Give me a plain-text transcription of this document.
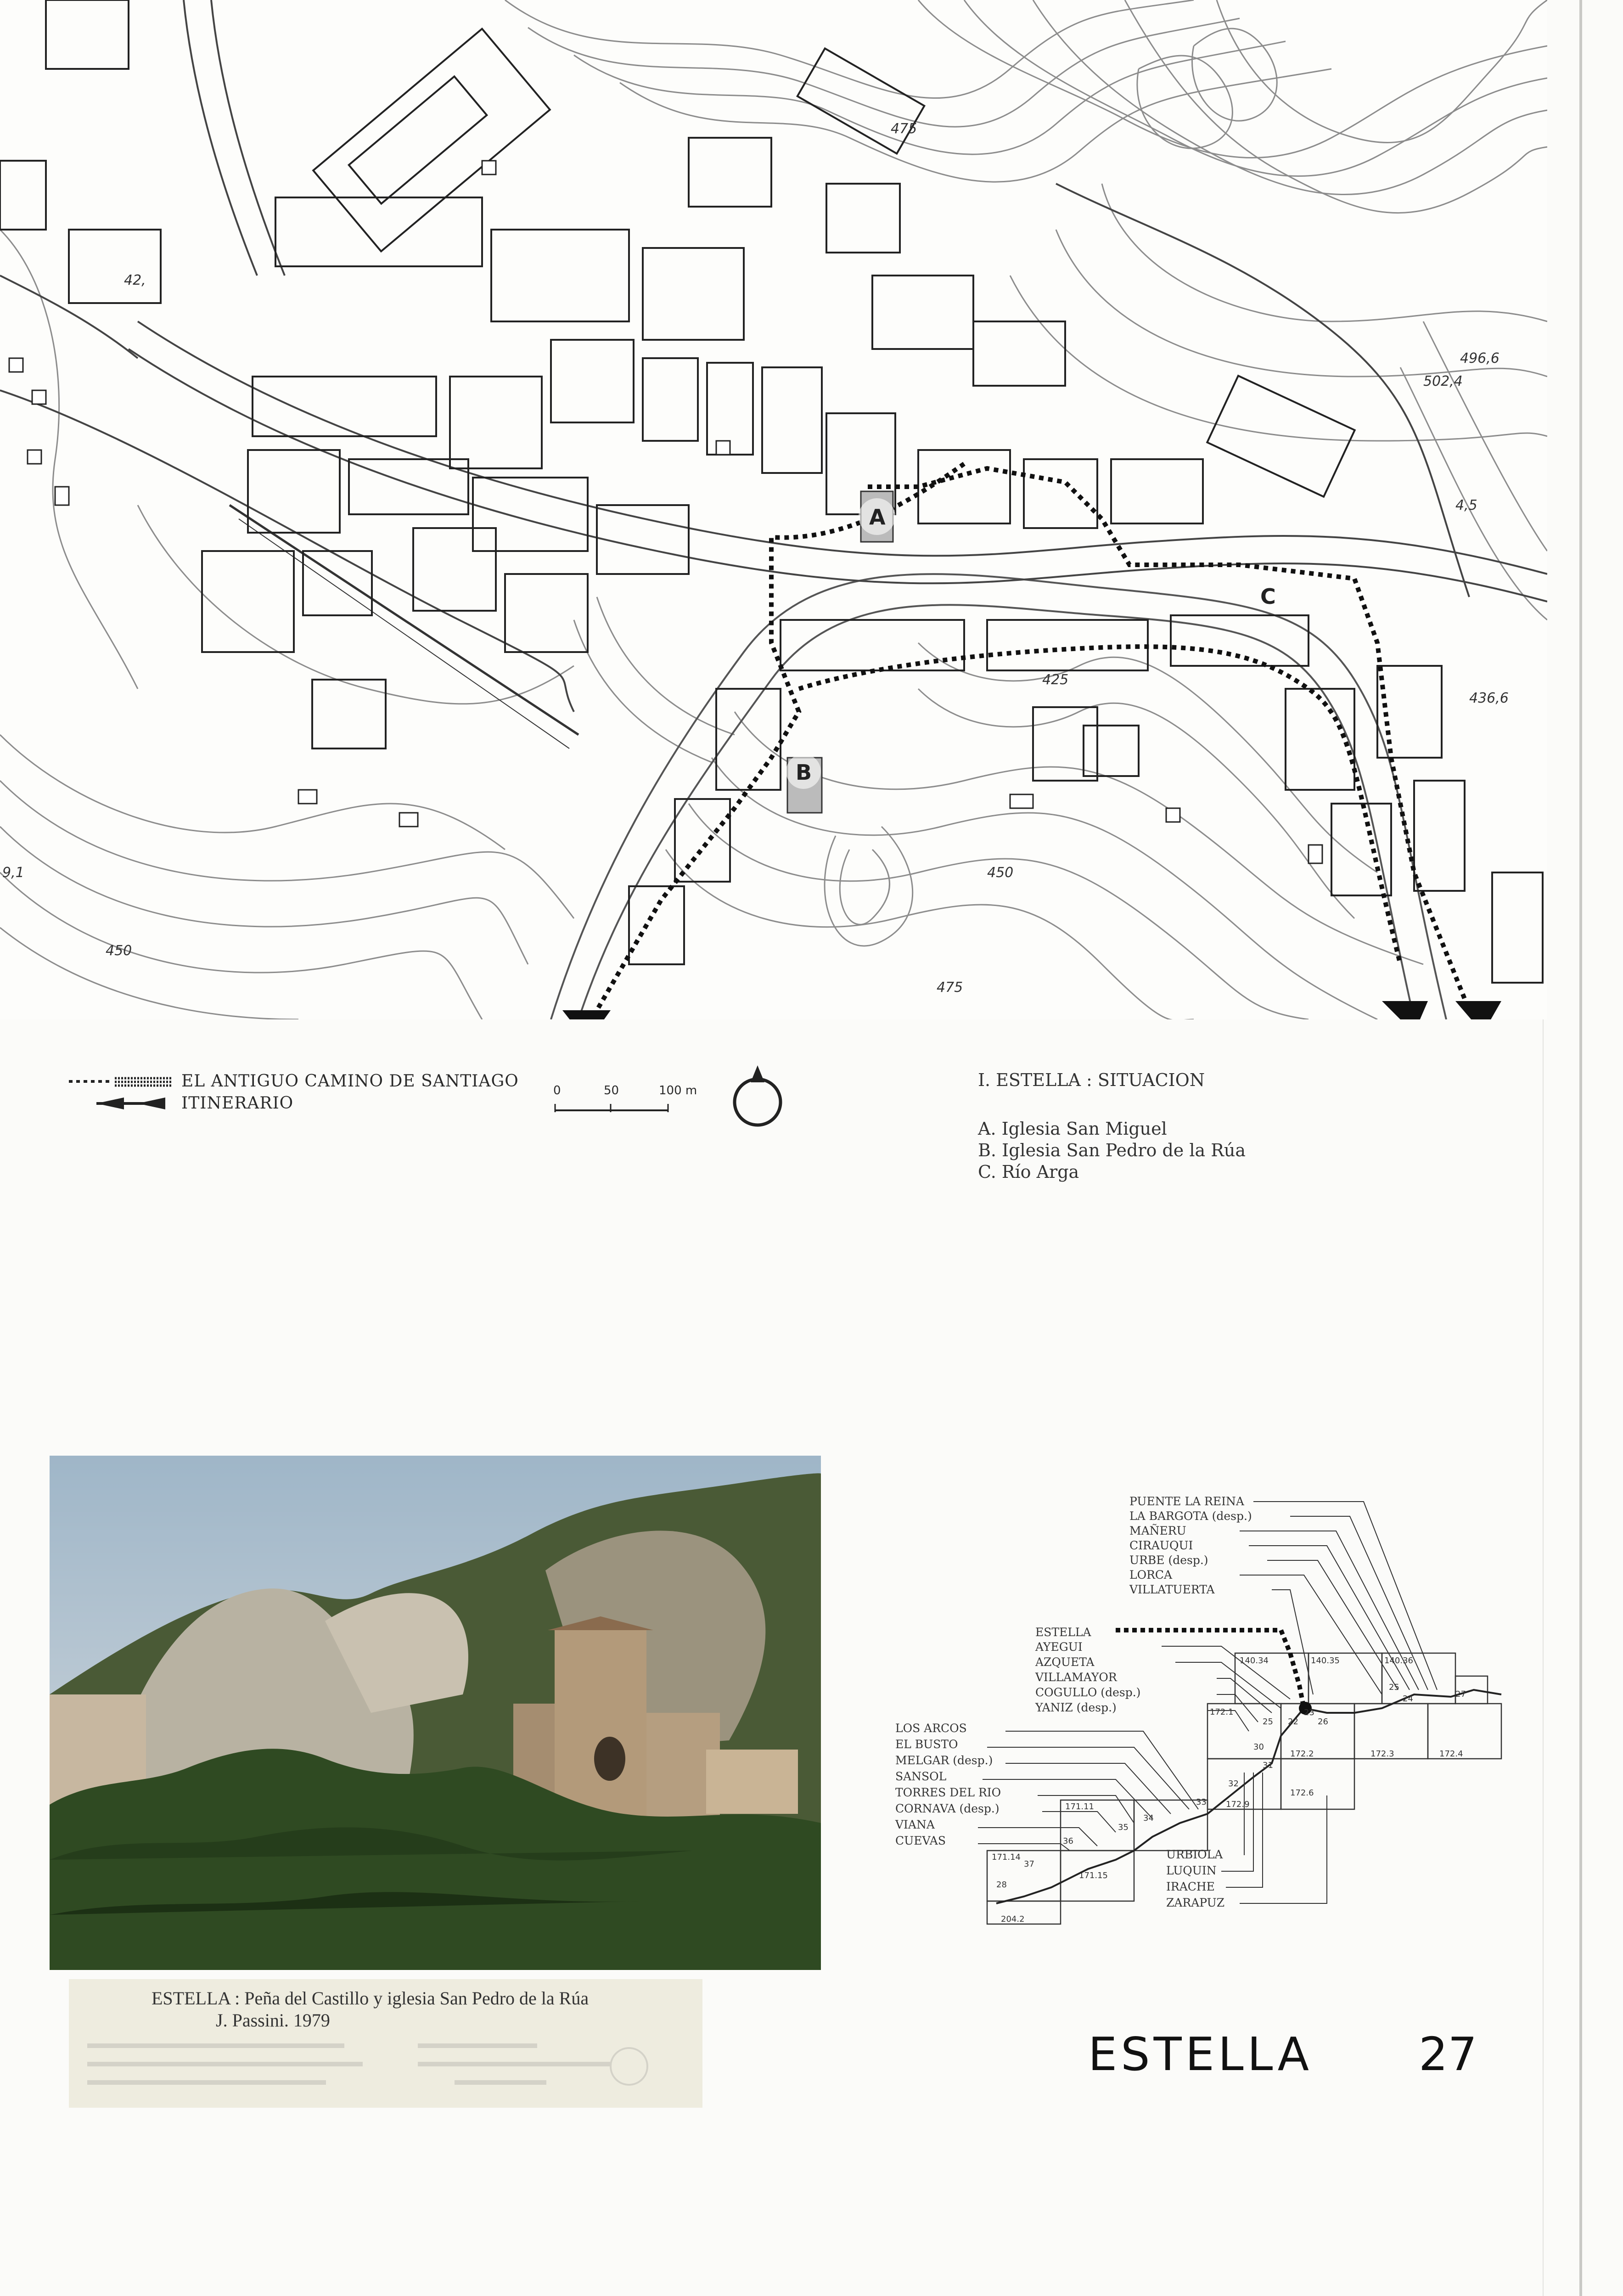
A
B
C
475
42,
425
450
450
475
496,6
502,4
436,6
4,5
9,1
EL ANTIGUO CAMINO DE SANTIAGO
ITINERARIO
0	50	100 m
I. ESTELLA : SITUACION
A. Iglesia San Miguel
B. Iglesia San Pedro de la Rúa
C. Río Arga
ESTELLA : Peña del Castillo y iglesia San Pedro de la Rúa
J. Passini. 1979
140.34	140.35	140.36
172.1
172.2	172.3	172.4
172.6
172.9
171.11
171.14
171.15
204.2
25
26
27
24
23
22
25
30
31
32
33
34
35
36
37
28
PUENTE LA REINA
LA BARGOTA (desp.)
MAÑERU
CIRAUQUI
URBE (desp.)
LORCA
VILLATUERTA
ESTELLA
AYEGUI
AZQUETA
VILLAMAYOR
COGULLO (desp.)
YANIZ (desp.)
LOS ARCOS
EL BUSTO
MELGAR (desp.)
SANSOL
TORRES DEL RIO
CORNAVA (desp.)
VIANA
CUEVAS
URBIOLA
LUQUIN
IRACHE
ZARAPUZ
ESTELLA 27
